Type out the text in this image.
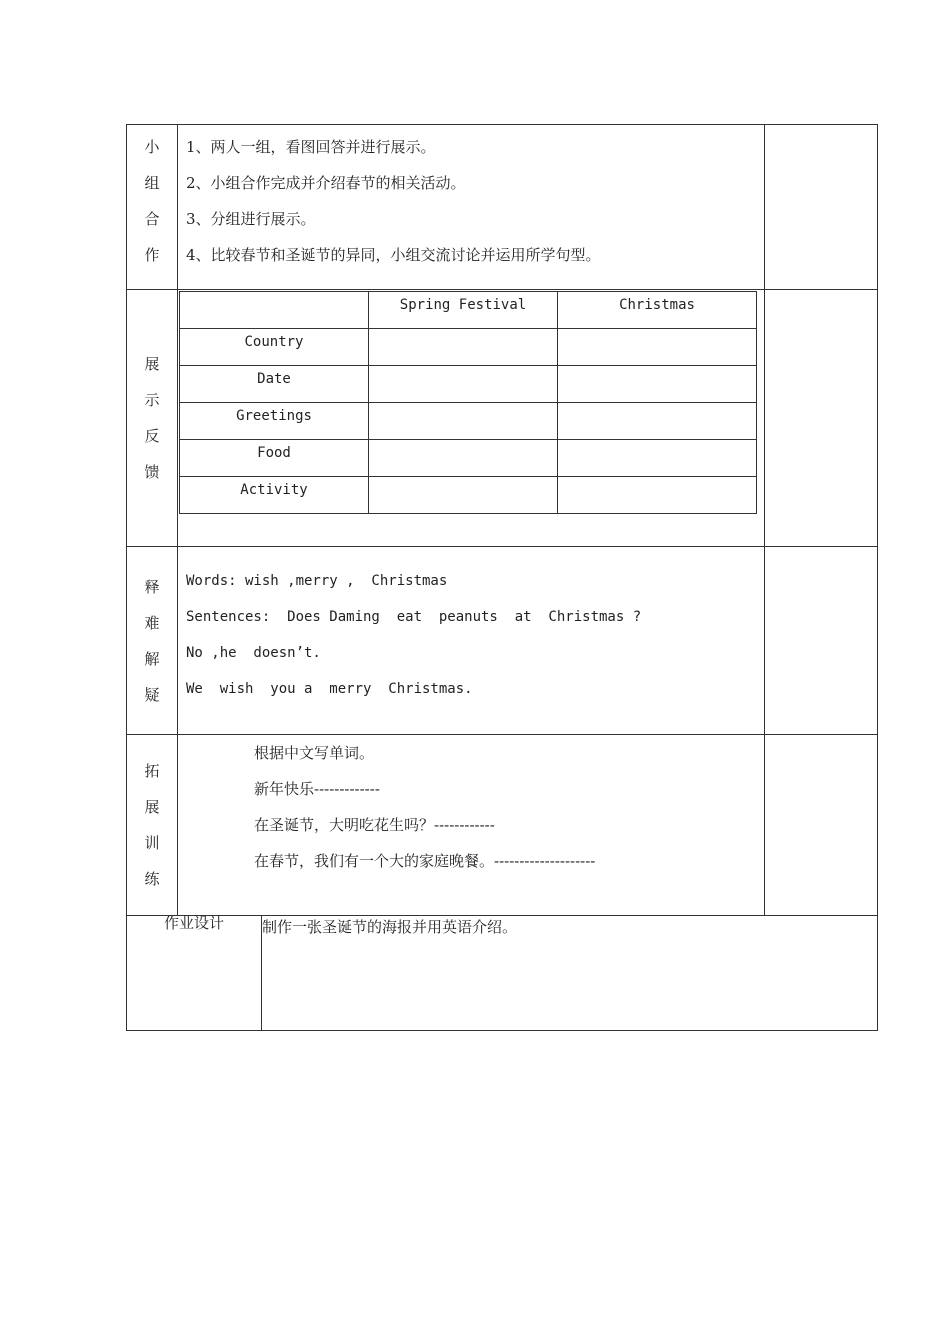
小
组
合
作

1、两人一组，看图回答并进行展示。
2、小组合作完成并介绍春节的相关活动。
3、分组进行展示。
4、比较春节和圣诞节的异同，小组交流讨论并运用所学句型。

展
示
反
馈

	Spring Festival	Christmas
Country		
Date		
Greetings		
Food		
Activity		

释
难
解
疑

Words: wish ,merry ,  Christmas
Sentences:  Does Daming  eat  peanuts  at  Christmas ?
No ,he  doesn’t.
We  wish  you a  merry  Christmas.

拓
展
训
练

根据中文写单词。
新年快乐-------------
在圣诞节，大明吃花生吗？------------
在春节，我们有一个大的家庭晚餐。--------------------

作业设计	制作一张圣诞节的海报并用英语介绍。
